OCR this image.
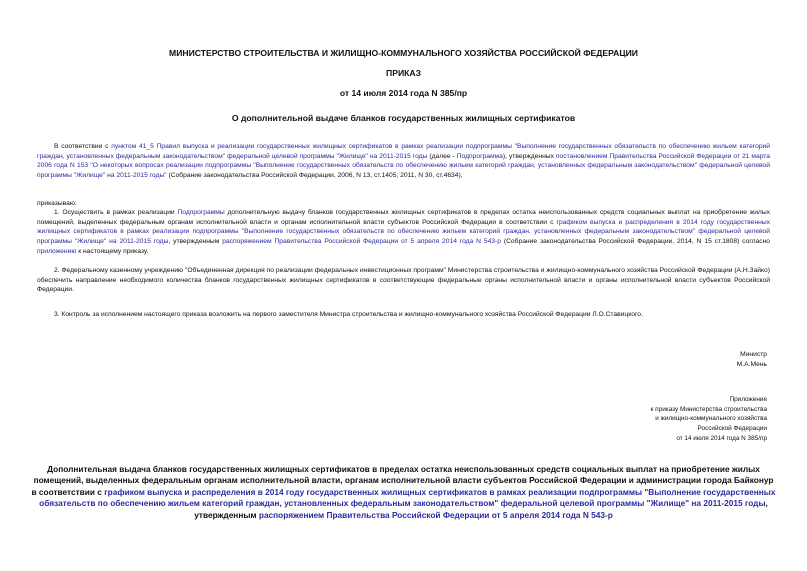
МИНИСТЕРСТВО СТРОИТЕЛЬСТВА И ЖИЛИЩНО-КОММУНАЛЬНОГО ХОЗЯЙСТВА РОССИЙСКОЙ ФЕДЕРАЦИИ
ПРИКАЗ
от 14 июля 2014 года N 385/пр
О дополнительной выдаче бланков государственных жилищных сертификатов
В соответствии с пунктом 41_5 Правил выпуска и реализации государственных жилищных сертификатов в рамках реализации подпрограммы "Выполнение государственных обязательств по обеспечению жильем категорий граждан, установленных федеральным законодательством" федеральной целевой программы "Жилище" на 2011-2015 годы (далее - Подпрограмма), утвержденных постановлением Правительства Российской Федерации от 21 марта 2006 года N 153 "О некоторых вопросах реализации подпрограммы "Выполнение государственных обязательств по обеспечению жильем категорий граждан, установленных федеральным законодательством" федеральной целевой программы "Жилище" на 2011-2015 годы" (Собрание законодательства Российской Федерации, 2006, N 13, ст.1405; 2011, N 30, ст.4634),
приказываю:
1. Осуществить в рамках реализации Подпрограммы дополнительную выдачу бланков государственных жилищных сертификатов в пределах остатка неиспользованных средств социальных выплат на приобретение жилых помещений, выделенных федеральным органам исполнительной власти и органам исполнительной власти субъектов Российской Федерации в соответствии с графиком выпуска и распределения в 2014 году государственных жилищных сертификатов в рамках реализации подпрограммы "Выполнение государственных обязательств по обеспечению жильем категорий граждан, установленных федеральным законодательством" федеральной целевой программы "Жилище" на 2011-2015 годы, утвержденным распоряжением Правительства Российской Федерации от 5 апреля 2014 года N 543-р (Собрание законодательства Российской Федерации, 2014, N 15 ст.1808) согласно приложению к настоящему приказу.
2. Федеральному казенному учреждению "Объединенная дирекция по реализации федеральных инвестиционных программ" Министерства строительства и жилищно-коммунального хозяйства Российской Федерации (А.Н.Зайко) обеспечить направление необходимого количества бланков государственных жилищных сертификатов в соответствующие федеральные органы исполнительной власти и органы исполнительной власти субъектов Российской Федерации.
3. Контроль за исполнением настоящего приказа возложить на первого заместителя Министра строительства и жилищно-коммунального хозяйства Российской Федерации Л.О.Ставицкого.
Министр
М.А.Мень
Приложение
к приказу Министерства строительства
и жилищно-коммунального хозяйства
Российской Федерации
от 14 июля 2014 года N 385/пр
Дополнительная выдача бланков государственных жилищных сертификатов в пределах остатка неиспользованных средств социальных выплат на приобретение жилых помещений, выделенных федеральным органам исполнительной власти, органам исполнительной власти субъектов Российской Федерации и администрации города Байконур в соответствии с графиком выпуска и распределения в 2014 году государственных жилищных сертификатов в рамках реализации подпрограммы "Выполнение государственных обязательств по обеспечению жильем категорий граждан, установленных федеральным законодательством" федеральной целевой программы "Жилище" на 2011-2015 годы, утвержденным распоряжением Правительства Российской Федерации от 5 апреля 2014 года N 543-р
